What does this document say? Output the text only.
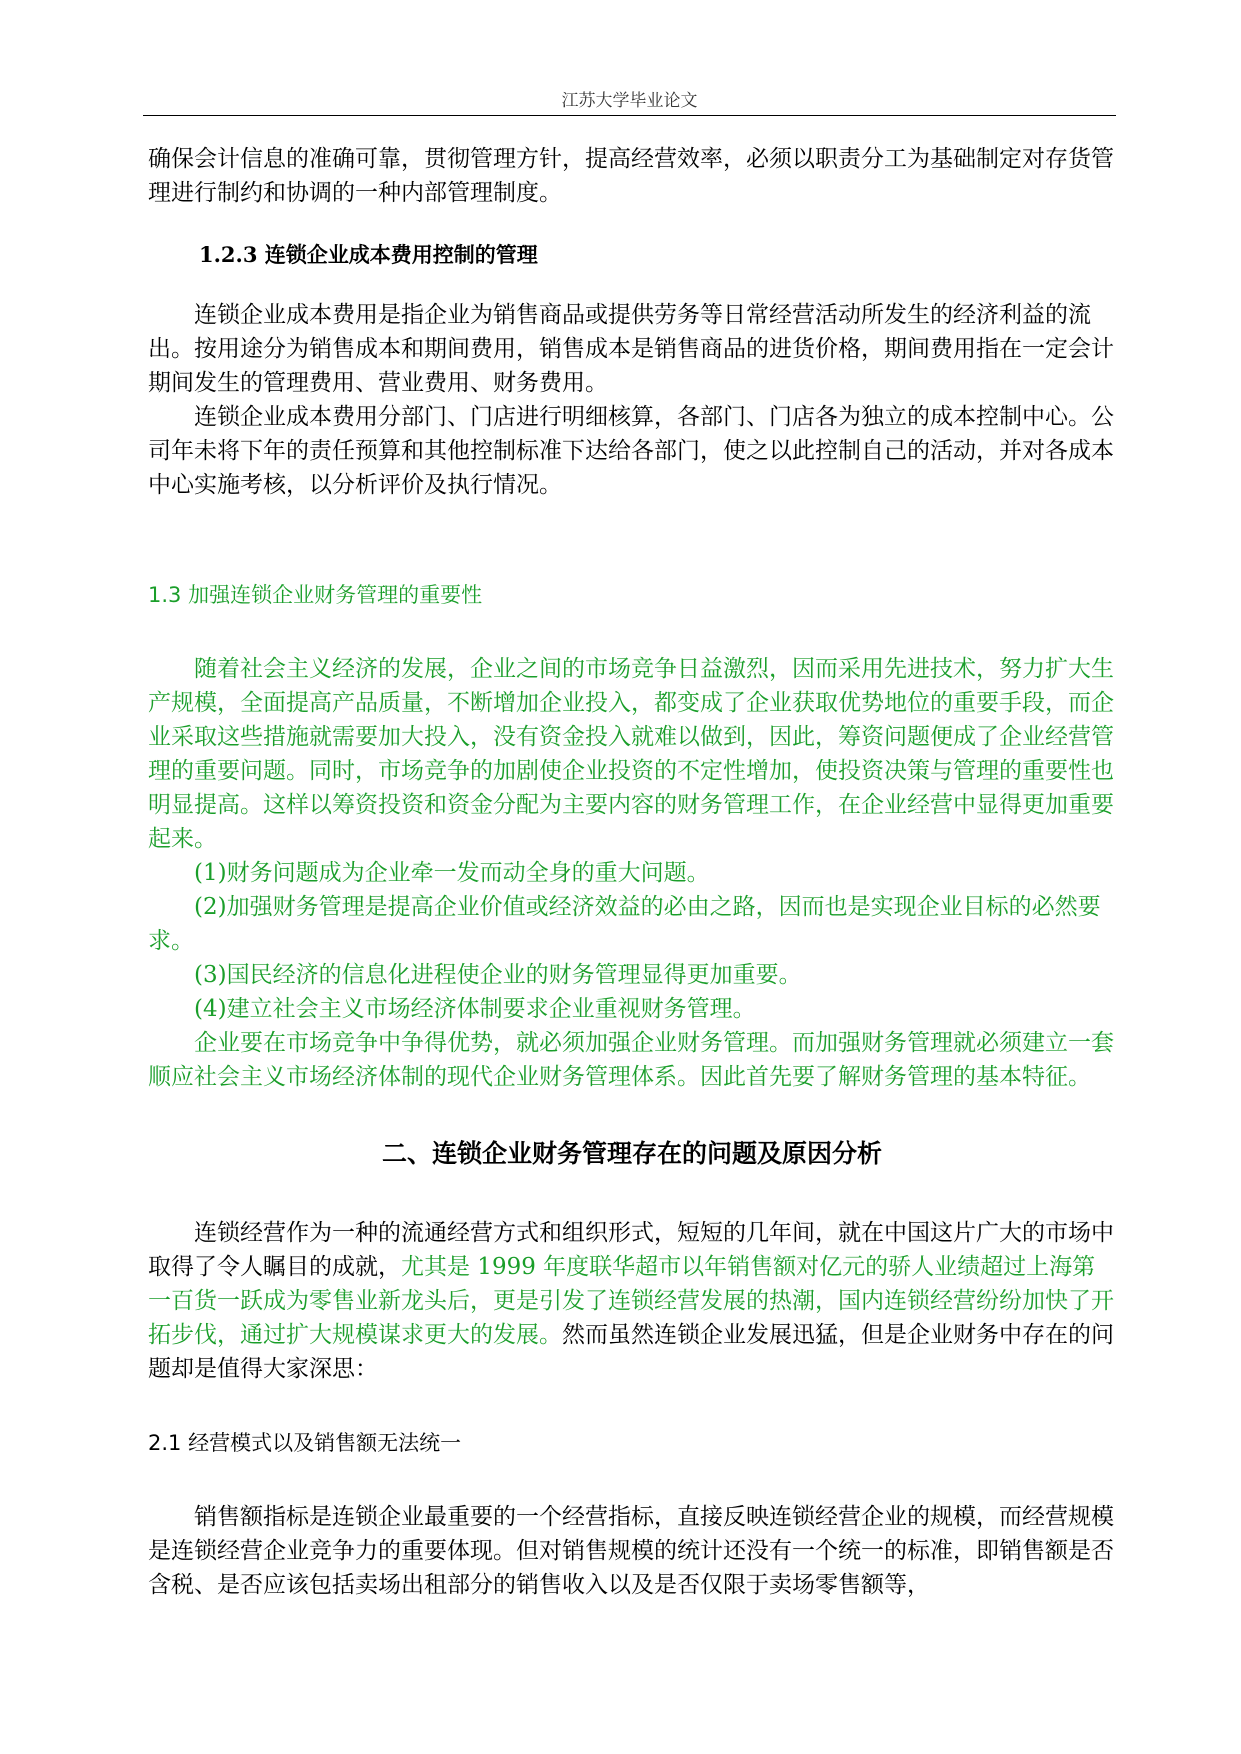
江苏大学毕业论文

确保会计信息的准确可靠，贯彻管理方针，提高经营效率，必须以职责分工为基础制定对存货管理进行制约和协调的一种内部管理制度。

1.2.3 连锁企业成本费用控制的管理

连锁企业成本费用是指企业为销售商品或提供劳务等日常经营活动所发生的经济利益的流出。按用途分为销售成本和期间费用，销售成本是销售商品的进货价格，期间费用指在一定会计期间发生的管理费用、营业费用、财务费用。

连锁企业成本费用分部门、门店进行明细核算，各部门、门店各为独立的成本控制中心。公司年未将下年的责任预算和其他控制标准下达给各部门，使之以此控制自己的活动，并对各成本中心实施考核，以分析评价及执行情况。

1.3 加强连锁企业财务管理的重要性

随着社会主义经济的发展，企业之间的市场竞争日益激烈，因而采用先进技术，努力扩大生产规模，全面提高产品质量，不断增加企业投入，都变成了企业获取优势地位的重要手段，而企业采取这些措施就需要加大投入，没有资金投入就难以做到，因此，筹资问题便成了企业经营管理的重要问题。同时，市场竞争的加剧使企业投资的不定性增加，使投资决策与管理的重要性也明显提高。这样以筹资投资和资金分配为主要内容的财务管理工作，在企业经营中显得更加重要起来。

(1)财务问题成为企业牵一发而动全身的重大问题。

(2)加强财务管理是提高企业价值或经济效益的必由之路，因而也是实现企业目标的必然要求。

(3)国民经济的信息化进程使企业的财务管理显得更加重要。

(4)建立社会主义市场经济体制要求企业重视财务管理。

企业要在市场竞争中争得优势，就必须加强企业财务管理。而加强财务管理就必须建立一套顺应社会主义市场经济体制的现代企业财务管理体系。因此首先要了解财务管理的基本特征。

二、连锁企业财务管理存在的问题及原因分析

连锁经营作为一种的流通经营方式和组织形式，短短的几年间，就在中国这片广大的市场中取得了令人瞩目的成就，尤其是 1999 年度联华超市以年销售额对亿元的骄人业绩超过上海第一百货一跃成为零售业新龙头后，更是引发了连锁经营发展的热潮，国内连锁经营纷纷加快了开拓步伐，通过扩大规模谋求更大的发展。然而虽然连锁企业发展迅猛，但是企业财务中存在的问题却是值得大家深思：

2.1 经营模式以及销售额无法统一

销售额指标是连锁企业最重要的一个经营指标，直接反映连锁经营企业的规模，而经营规模是连锁经营企业竞争力的重要体现。但对销售规模的统计还没有一个统一的标准，即销售额是否含税、是否应该包括卖场出租部分的销售收入以及是否仅限于卖场零售额等，
